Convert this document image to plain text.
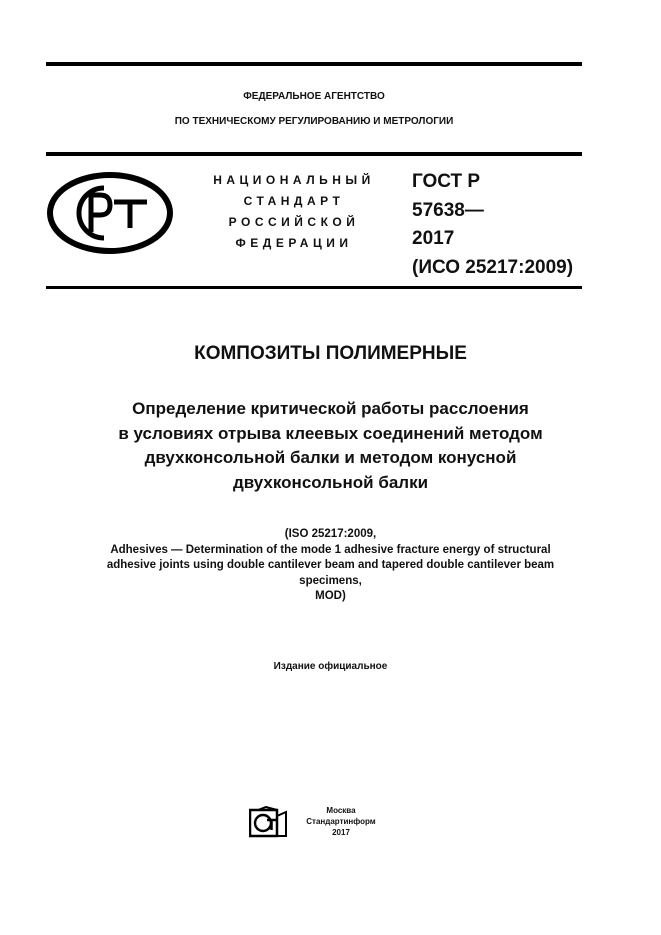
ФЕДЕРАЛЬНОЕ АГЕНТСТВО
ПО ТЕХНИЧЕСКОМУ РЕГУЛИРОВАНИЮ И МЕТРОЛОГИИ
НАЦИОНАЛЬНЫЙ
СТАНДАРТ
РОССИЙСКОЙ
ФЕДЕРАЦИИ
ГОСТ Р
57638—
2017
(ИСО 25217:2009)
КОМПОЗИТЫ ПОЛИМЕРНЫЕ
Определение критической работы расслоения
в условиях отрыва клеевых соединений методом
двухконсольной балки и методом конусной
двухконсольной балки
(ISO 25217:2009,
Adhesives — Determination of the mode 1 adhesive fracture energy of structural
adhesive joints using double cantilever beam and tapered double cantilever beam
specimens,
MOD)
Издание официальное
Москва
Стандартинформ
2017
